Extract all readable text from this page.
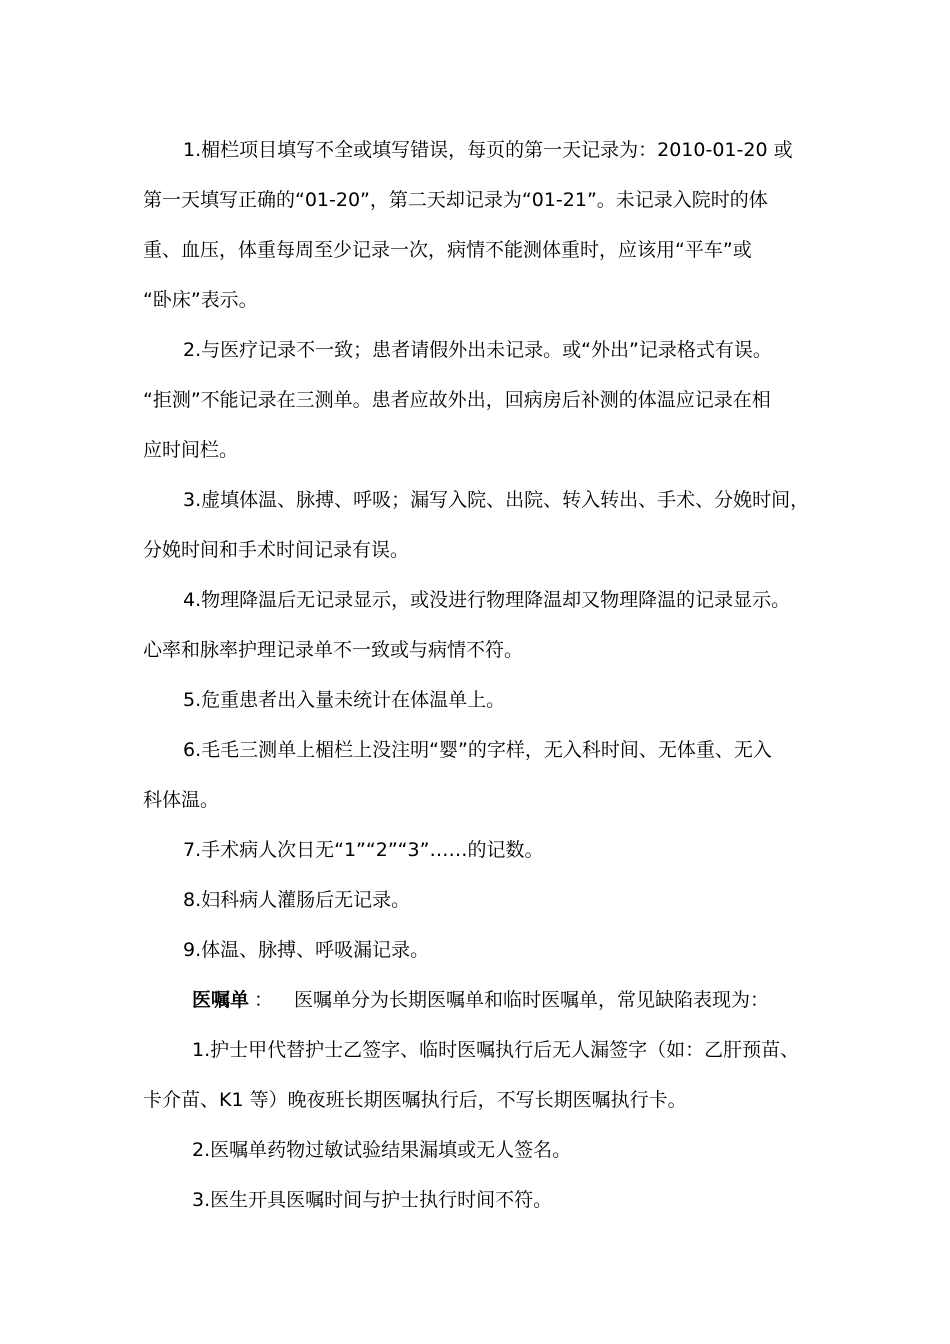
1.楣栏项目填写不全或填写错误，每页的第一天记录为：2010-01-20 或
第一天填写正确的“01-20”，第二天却记录为“01-21”。未记录入院时的体
重、血压，体重每周至少记录一次，病情不能测体重时，应该用“平车”或
“卧床”表示。
2.与医疗记录不一致；患者请假外出未记录。或“外出”记录格式有误。
“拒测”不能记录在三测单。患者应故外出，回病房后补测的体温应记录在相
应时间栏。
3.虚填体温、脉搏、呼吸；漏写入院、出院、转入转出、手术、分娩时间，
分娩时间和手术时间记录有误。
4.物理降温后无记录显示，或没进行物理降温却又物理降温的记录显示。
心率和脉率护理记录单不一致或与病情不符。
5.危重患者出入量未统计在体温单上。
6.毛毛三测单上楣栏上没注明“婴”的字样，无入科时间、无体重、无入
科体温。
7.手术病人次日无“1”“2”“3”……的记数。
8.妇科病人灌肠后无记录。
9.体温、脉搏、呼吸漏记录。
医嘱单 ： 医嘱单分为长期医嘱单和临时医嘱单，常见缺陷表现为：
1.护士甲代替护士乙签字、临时医嘱执行后无人漏签字（如：乙肝预苗、
卡介苗、K1 等）晚夜班长期医嘱执行后，不写长期医嘱执行卡。
2.医嘱单药物过敏试验结果漏填或无人签名。
3.医生开具医嘱时间与护士执行时间不符。
